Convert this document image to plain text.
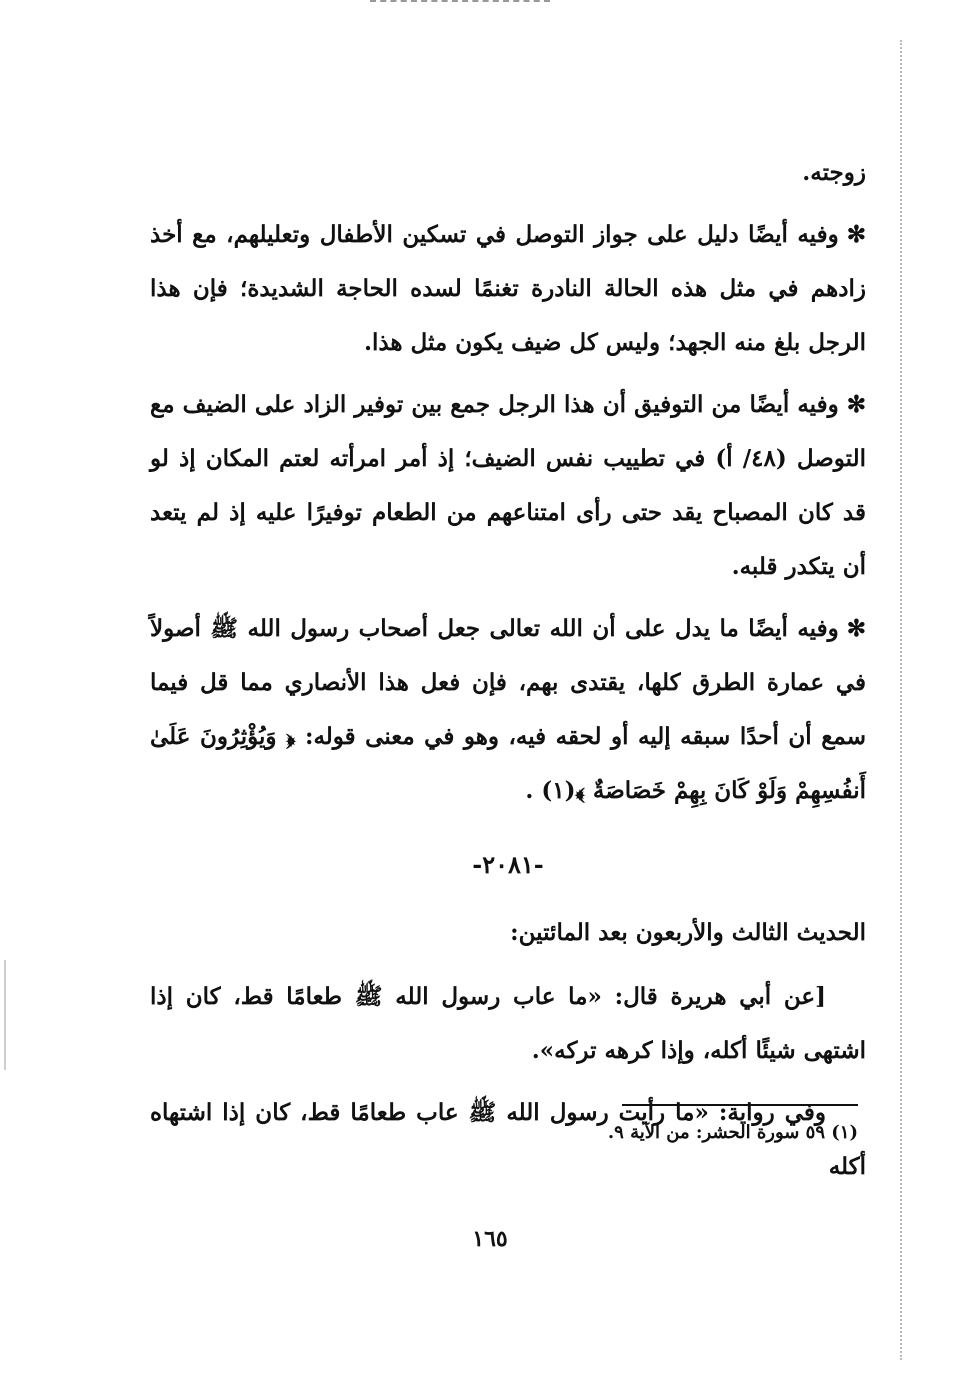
زوجته.

✻وفيه أيضًا دليل على جواز التوصل في تسكين الأطفال وتعليلهم، مع أخذ زادهم في مثل هذه الحالة النادرة تغنمًا لسده الحاجة الشديدة؛ فإن هذا الرجل بلغ منه الجهد؛ وليس كل ضيف يكون مثل هذا.

✻وفيه أيضًا من التوفيق أن هذا الرجل جمع بين توفير الزاد على الضيف مع التوصل (٤٨/ أ) في تطييب نفس الضيف؛ إذ أمر امرأته لعتم المكان إذ لو قد كان المصباح يقد حتى رأى امتناعهم من الطعام توفيرًا عليه إذ لم يتعد أن يتكدر قلبه.

✻وفيه أيضًا ما يدل على أن الله تعالى جعل أصحاب رسول الله ﷺ أصولاً في عمارة الطرق كلها، يقتدى بهم، فإن فعل هذا الأنصاري مما قل فيما سمع أن أحدًا سبقه إليه أو لحقه فيه، وهو في معنى قوله: ﴿ وَيُؤْثِرُونَ عَلَىٰ أَنفُسِهِمْ وَلَوْ كَانَ بِهِمْ خَصَاصَةٌ ﴾(١) .

-٢٠٨١-

الحديث الثالث والأربعون بعد المائتين:

[عن أبي هريرة قال: «ما عاب رسول الله ﷺ طعامًا قط، كان إذا اشتهى شيئًا أكله، وإذا كرهه تركه».

وفي رواية: «ما رأيت رسول الله ﷺ عاب طعامًا قط، كان إذا اشتهاه أكله

(١) ٥٩ سورة الحشر: من الآية ٩.
١٦٥
